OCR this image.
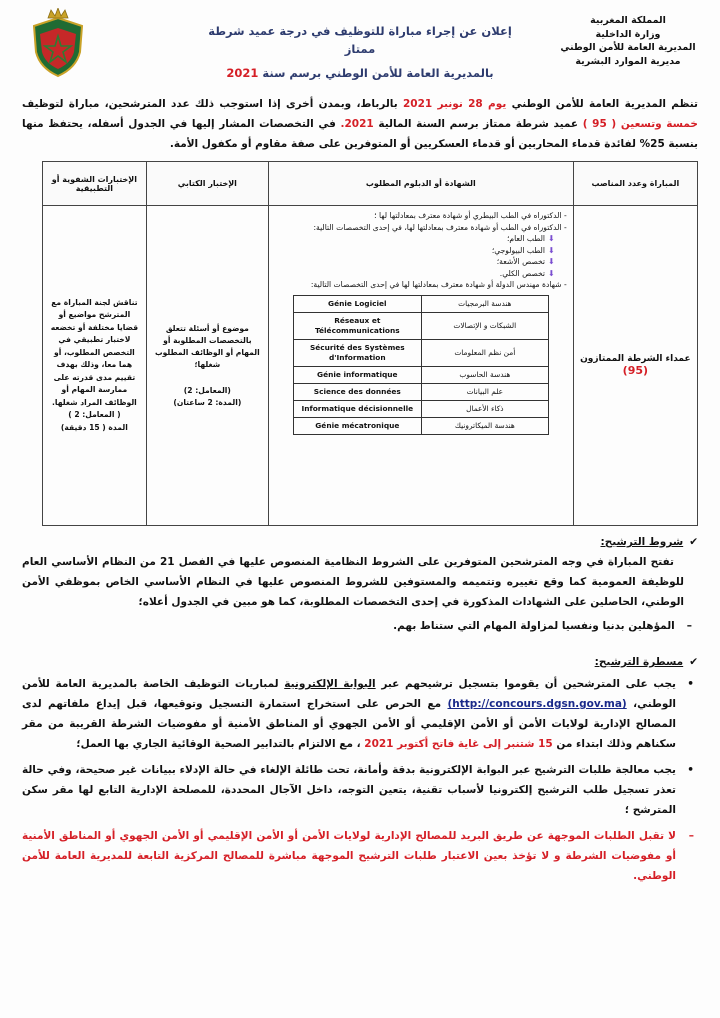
المملكة المغربية
وزارة الداخلية
المديرية العامة للأمن الوطني
مديرية الموارد البشرية
إعلان عن إجراء مباراة للتوظيف في درجة عميد شرطة ممتاز
بالمديرية العامة للأمن الوطني برسم سنة 2021
تنظم المديرية العامة للأمن الوطني يوم 28 نونبر 2021 بالرباط، وبمدن أخرى إذا استوجب ذلك عدد المترشحين، مباراة لتوظيف خمسة وتسعين ( 95 ) عميد شرطة ممتاز برسم السنة المالية 2021. في التخصصات المشار إليها في الجدول أسفله، يحتفظ منها بنسبة 25% لفائدة قدماء المحاربين أو قدماء العسكريين أو المتوفرين على صفة مقاوم أو مكفول الأمة.
المباراة وعدد المناصب	الشهادة أو الدبلوم المطلوب	الإختبار الكتابي	الإختبارات الشفوية أو التطبيقية

عمداء الشرطة الممتازون
(95)

- الدكتوراه في الطب البيطري أو شهادة معترف بمعادلتها لها ؛
- الدكتوراه في الطب أو شهادة معترف بمعادلتها لها، في إحدى التخصصات التالية:
⬇الطب العام؛
⬇الطب البيولوجي؛
⬇تخصص الأشعة؛
⬇تخصص الكلي.
- شهادة مهندس الدولة أو شهادة معترف بمعادلتها لها في إحدى التخصصات التالية:
هندسة البرمجيات	Génie Logiciel
الشبكات و الإتصالات	Réseaux et Télécommunications
أمن نظم المعلومات	Sécurité des Systèmes d'Information
هندسة الحاسوب	Génie informatique
علم البيانات	Science des données
ذكاء الأعمال	Informatique décisionnelle
هندسة الميكاترونيك	Génie mécatronique

موضوع أو أسئلة تتعلق بالتخصصات المطلوبة أو المهام أو الوظائف المطلوب شغلها؛
(المعامل: 2)
(المدة: 2 ساعتان)

تناقش لجنة المباراة مع المترشح مواضيع أو قضايا مختلفة أو تخضعه لاختبار تطبيقي في التخصص المطلوب، أو هما معا، وذلك بهدف تقييم مدى قدرته على ممارسة المهام أو الوظائف المراد شغلها.
( المعامل: 2 )
المدة ( 15 دقيقة)
✔شروط الترشيح:
تفتح المباراة في وجه المترشحين المتوفرين على الشروط النظامية المنصوص عليها في الفصل 21 من النظام الأساسي العام للوظيفة العمومية كما وقع تغييره وتتميمه والمستوفين للشروط المنصوص عليها في النظام الأساسي الخاص بموظفي الأمن الوطني، الحاصلين على الشهادات المذكورة في إحدى التخصصات المطلوبة، كما هو مبين في الجدول أعلاه؛
–المؤهلين بدنيا ونفسيا لمزاولة المهام التي ستناط بهم.
✔مسطرة الترشيح:
•
يجب على المترشحين أن يقوموا بتسجيل ترشيحهم عبر البوابة الإلكترونية لمباريات التوظيف الخاصة بالمديرية العامة للأمن الوطني، (http://concours.dgsn.gov.ma) مع الحرص على استخراج استمارة التسجيل وتوقيعها، قبل إيداع ملفاتهم لدى المصالح الإدارية لولايات الأمن أو الأمن الإقليمي أو الأمن الجهوي أو المناطق الأمنية أو مفوضيات الشرطة القريبة من مقر سكناهم وذلك ابتداء من 15 شتنبر إلى غاية فاتح أكتوبر 2021 ، مع الالتزام بالتدابير الصحية الوقائية الجاري بها العمل؛
•
يجب معالجة طلبات الترشيح عبر البوابة الإلكترونية بدقة وأمانة، تحت طائلة الإلغاء في حالة الإدلاء ببيانات غير صحيحة، وفي حالة تعذر تسجيل طلب الترشيح إلكترونيا لأسباب تقنية، يتعين التوجه، داخل الآجال المحددة، للمصلحة الإدارية التابع لها مقر سكن المترشح ؛
–
لا تقبل الطلبات الموجهة عن طريق البريد للمصالح الإدارية لولايات الأمن أو الأمن الإقليمي أو الأمن الجهوي أو المناطق الأمنية أو مفوضيات الشرطة و لا تؤخذ بعين الاعتبار طلبات الترشيح الموجهة مباشرة للمصالح المركزية التابعة للمديرية العامة للأمن الوطني.
